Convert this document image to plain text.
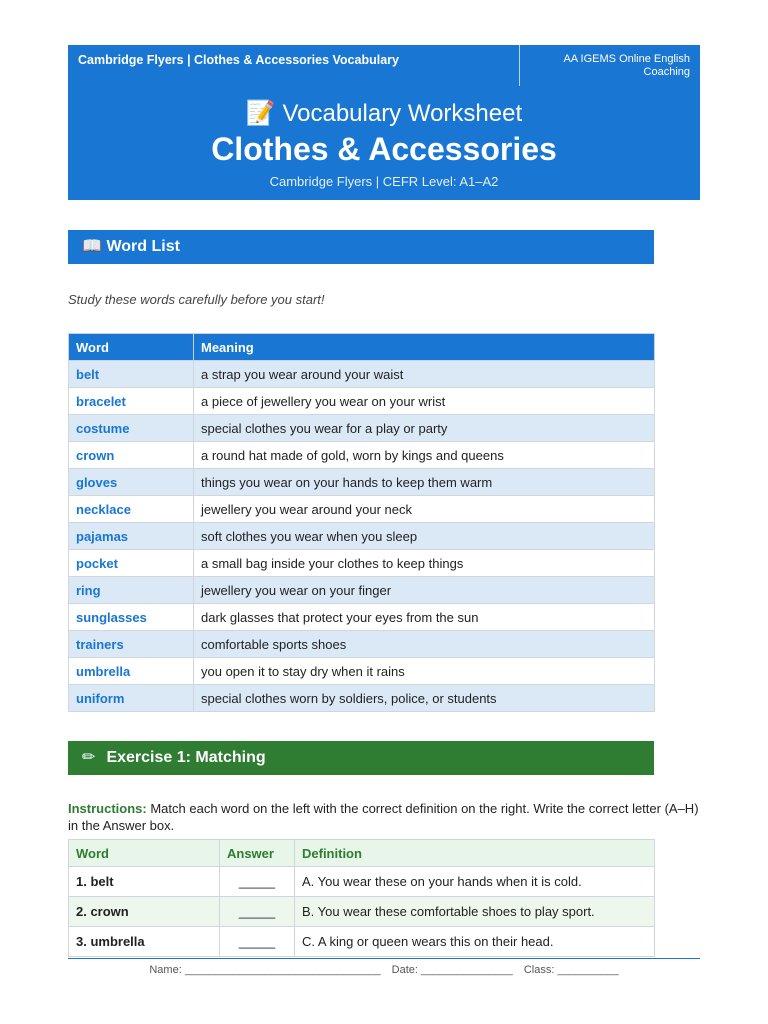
Cambridge Flyers | Clothes & Accessories Vocabulary	AA IGEMS Online English Coaching
📝 Vocabulary Worksheet
Clothes & Accessories
Cambridge Flyers | CEFR Level: A1–A2
📖 Word List
Study these words carefully before you start!
Word	Meaning
belt	a strap you wear around your waist
bracelet	a piece of jewellery you wear on your wrist
costume	special clothes you wear for a play or party
crown	a round hat made of gold, worn by kings and queens
gloves	things you wear on your hands to keep them warm
necklace	jewellery you wear around your neck
pajamas	soft clothes you wear when you sleep
pocket	a small bag inside your clothes to keep things
ring	jewellery you wear on your finger
sunglasses	dark glasses that protect your eyes from the sun
trainers	comfortable sports shoes
umbrella	you open it to stay dry when it rains
uniform	special clothes worn by soldiers, police, or students
✏ Exercise 1: Matching
Instructions: Match each word on the left with the correct definition on the right. Write the correct letter (A–H) in the Answer box.
Word	Answer	Definition
1. belt	_____	A. You wear these on your hands when it is cold.
2. crown	_____	B. You wear these comfortable shoes to play sport.
3. umbrella	_____	C. A king or queen wears this on their head.
Name: ________________________________ Date: _______________ Class: __________
